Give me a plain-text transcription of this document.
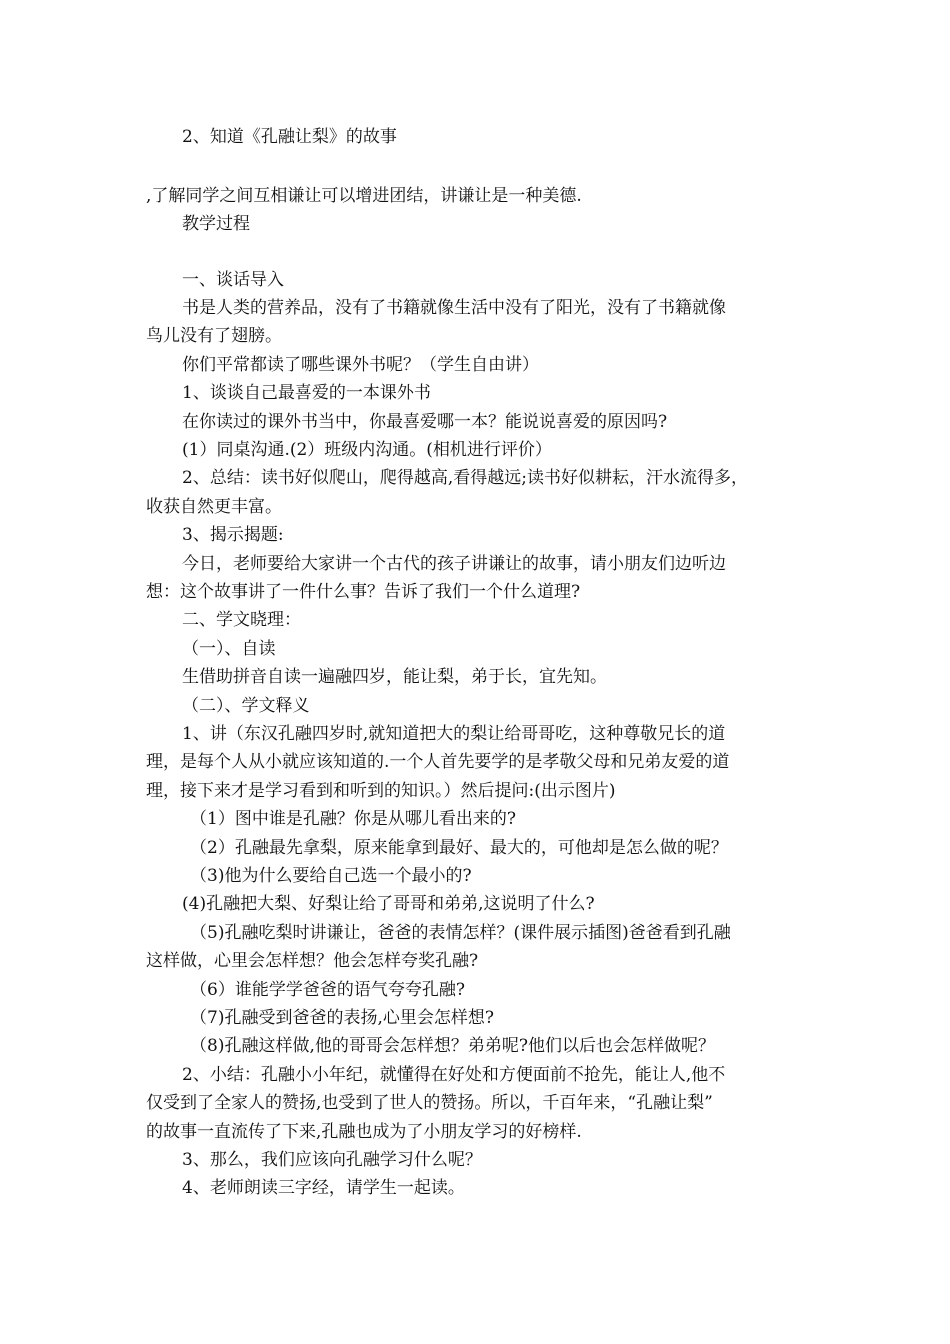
2、知道《孔融让梨》的故事
,了解同学之间互相谦让可以增进团结，讲谦让是一种美德.
教学过程
一、谈话导入
书是人类的营养品，没有了书籍就像生活中没有了阳光，没有了书籍就像
鸟儿没有了翅膀。
你们平常都读了哪些课外书呢？（学生自由讲）
1、谈谈自己最喜爱的一本课外书
在你读过的课外书当中，你最喜爱哪一本？能说说喜爱的原因吗?
(1）同桌沟通.(2）班级内沟通。(相机进行评价）
2、总结：读书好似爬山，爬得越高,看得越远;读书好似耕耘，汗水流得多，
收获自然更丰富。
3、揭示揭题:
今日，老师要给大家讲一个古代的孩子讲谦让的故事，请小朋友们边听边
想：这个故事讲了一件什么事？告诉了我们一个什么道理?
二、学文晓理：
（一）、自读
生借助拼音自读一遍融四岁，能让梨，弟于长，宜先知。
（二）、学文释义
1、讲（东汉孔融四岁时,就知道把大的梨让给哥哥吃，这种尊敬兄长的道
理，是每个人从小就应该知道的.一个人首先要学的是孝敬父母和兄弟友爱的道
理，接下来才是学习看到和听到的知识。）然后提问:(出示图片)
（1）图中谁是孔融？你是从哪儿看出来的?
（2）孔融最先拿梨，原来能拿到最好、最大的，可他却是怎么做的呢？
（3)他为什么要给自己选一个最小的?
(4)孔融把大梨、好梨让给了哥哥和弟弟,这说明了什么?
（5)孔融吃梨时讲谦让，爸爸的表情怎样？(课件展示插图)爸爸看到孔融
这样做，心里会怎样想？他会怎样夸奖孔融?
（6）谁能学学爸爸的语气夸夸孔融?
（7)孔融受到爸爸的表扬,心里会怎样想?
（8)孔融这样做,他的哥哥会怎样想？弟弟呢?他们以后也会怎样做呢？
2、小结：孔融小小年纪，就懂得在好处和方便面前不抢先，能让人,他不
仅受到了全家人的赞扬,也受到了世人的赞扬。所以，千百年来，“孔融让梨”
的故事一直流传了下来,孔融也成为了小朋友学习的好榜样.
3、那么，我们应该向孔融学习什么呢？
4、老师朗读三字经，请学生一起读。
